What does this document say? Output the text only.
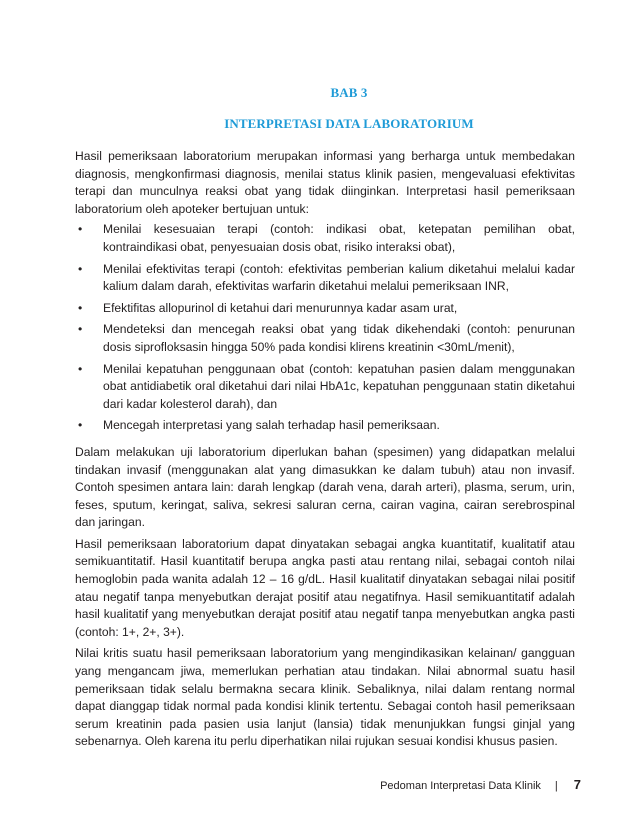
BAB 3
INTERPRETASI DATA LABORATORIUM

Hasil pemeriksaan laboratorium merupakan informasi yang berharga untuk membedakan diagnosis, mengkonfirmasi diagnosis, menilai status klinik pasien, mengevaluasi efektivitas terapi dan munculnya reaksi obat yang tidak diinginkan. Interpretasi hasil pemeriksaan laboratorium oleh apoteker bertujuan untuk:

• Menilai kesesuaian terapi (contoh: indikasi obat, ketepatan pemilihan obat, kontraindikasi obat, penyesuaian dosis obat, risiko interaksi obat),
• Menilai efektivitas terapi (contoh: efektivitas pemberian kalium diketahui melalui kadar kalium dalam darah, efektivitas warfarin diketahui melalui pemeriksaan INR,
• Efektifitas allopurinol di ketahui dari menurunnya kadar asam urat,
• Mendeteksi dan mencegah reaksi obat yang tidak dikehendaki (contoh: penurunan dosis siprofloksasin hingga 50% pada kondisi klirens kreatinin <30mL/menit),
• Menilai kepatuhan penggunaan obat (contoh: kepatuhan pasien dalam menggunakan obat antidiabetik oral diketahui dari nilai HbA1c, kepatuhan penggunaan statin diketahui dari kadar kolesterol darah), dan
• Mencegah interpretasi yang salah terhadap hasil pemeriksaan.

Dalam melakukan uji laboratorium diperlukan bahan (spesimen) yang didapatkan melalui tindakan invasif (menggunakan alat yang dimasukkan ke dalam tubuh) atau non invasif. Contoh spesimen antara lain: darah lengkap (darah vena, darah arteri), plasma, serum, urin, feses, sputum, keringat, saliva, sekresi saluran cerna, cairan vagina, cairan serebrospinal dan jaringan.

Hasil pemeriksaan laboratorium dapat dinyatakan sebagai angka kuantitatif, kualitatif atau semikuantitatif. Hasil kuantitatif berupa angka pasti atau rentang nilai, sebagai contoh nilai hemoglobin pada wanita adalah 12 – 16 g/dL. Hasil kualitatif dinyatakan sebagai nilai positif atau negatif tanpa menyebutkan derajat positif atau negatifnya. Hasil semikuantitatif adalah hasil kualitatif yang menyebutkan derajat positif atau negatif tanpa menyebutkan angka pasti (contoh: 1+, 2+, 3+).

Nilai kritis suatu hasil pemeriksaan laboratorium yang mengindikasikan kelainan/ gangguan yang mengancam jiwa, memerlukan perhatian atau tindakan. Nilai abnormal suatu hasil pemeriksaan tidak selalu bermakna secara klinik. Sebaliknya, nilai dalam rentang normal dapat dianggap tidak normal pada kondisi klinik tertentu. Sebagai contoh hasil pemeriksaan serum kreatinin pada pasien usia lanjut (lansia) tidak menunjukkan fungsi ginjal yang sebenarnya. Oleh karena itu perlu diperhatikan nilai rujukan sesuai kondisi khusus pasien.

Pedoman Interpretasi Data Klinik | 7
